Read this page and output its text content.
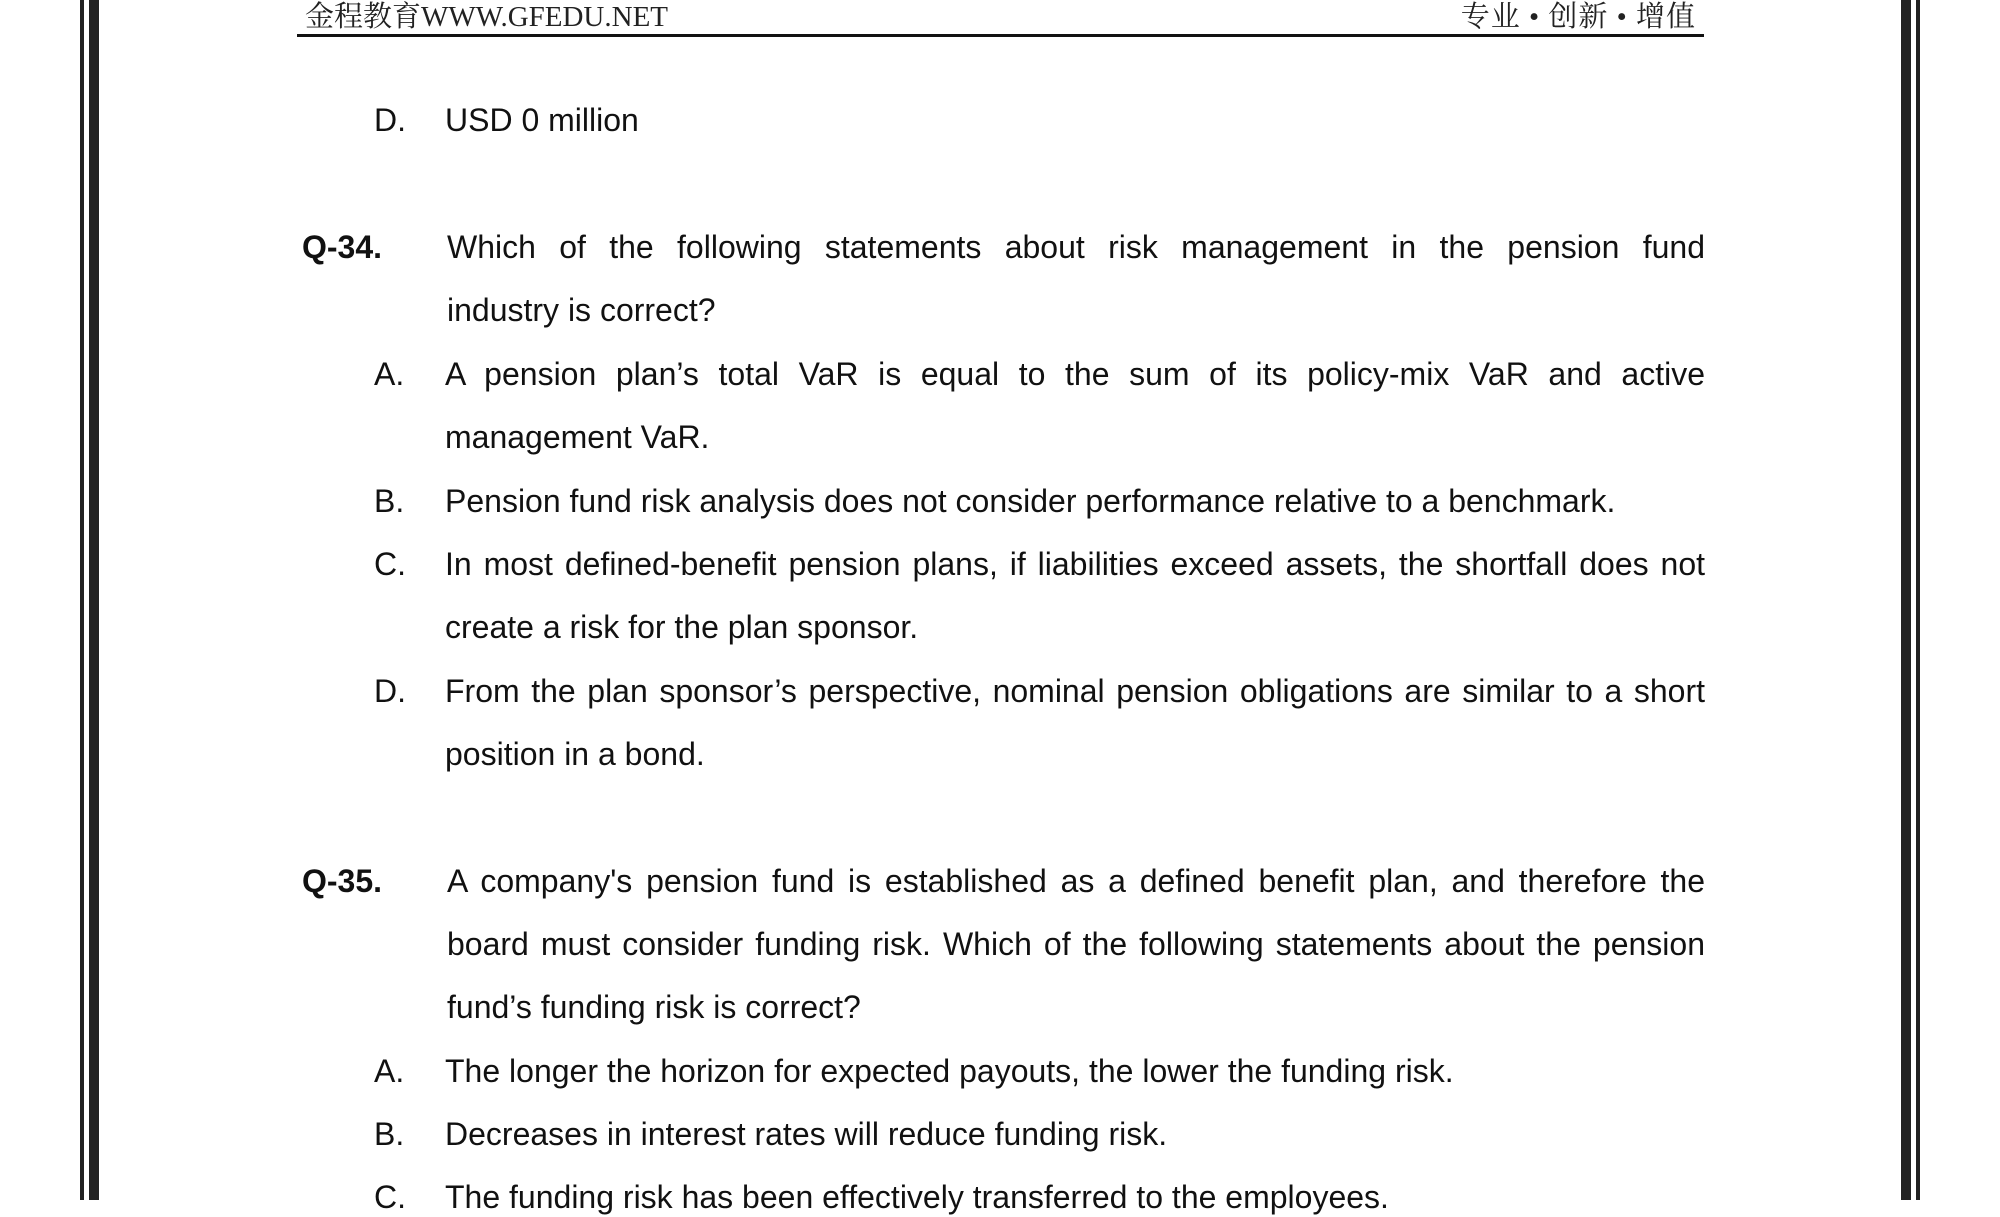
金程教育WWW.GFEDU.NET	专业 • 创新 • 增值
D. USD 0 million
Q-34. Which of the following statements about risk management in the pension fund
industry is correct?
A. A pension plan’s total VaR is equal to the sum of its policy-mix VaR and active
management VaR.
B. Pension fund risk analysis does not consider performance relative to a benchmark.
C. In most defined-benefit pension plans, if liabilities exceed assets, the shortfall does not
create a risk for the plan sponsor.
D. From the plan sponsor’s perspective, nominal pension obligations are similar to a short
position in a bond.
Q-35. A company's pension fund is established as a defined benefit plan, and therefore the
board must consider funding risk. Which of the following statements about the pension
fund’s funding risk is correct?
A. The longer the horizon for expected payouts, the lower the funding risk.
B. Decreases in interest rates will reduce funding risk.
C. The funding risk has been effectively transferred to the employees.
